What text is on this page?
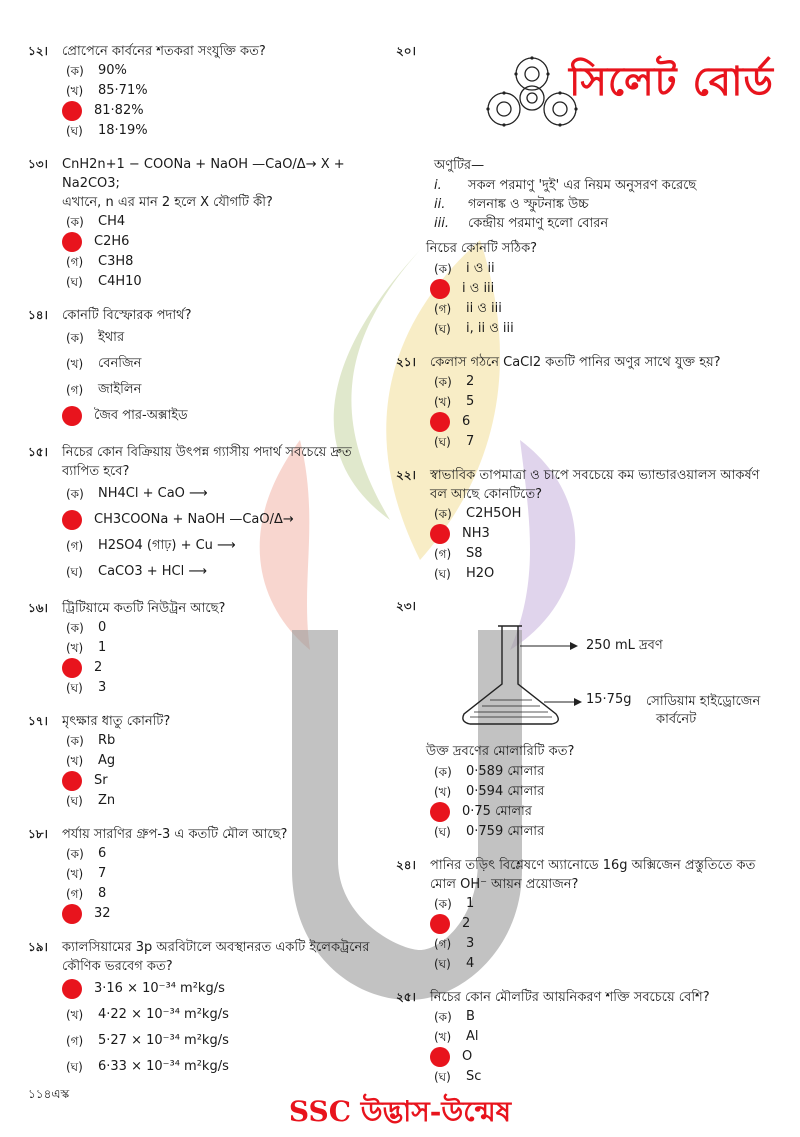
সিলেট বোর্ড
১২।	প্রোপেনে কার্বনের শতকরা সংযুক্তি কত?
(ক)	90%
(খ)	85·71%
81·82%
(ঘ)	18·19%
১৩।	CnH2n+1 − COONa + NaOH —CaO/Δ→ X + Na2CO3;
এখানে, n এর মান 2 হলে X যৌগটি কী?
(ক)	CH4
C2H6
(গ)	C3H8
(ঘ)	C4H10
১৪।	কোনটি বিস্ফোরক পদার্থ?
(ক)	ইথার
(খ)	বেনজিন
(গ)	জাইলিন
জৈব পার-অক্সাইড
১৫।	নিচের কোন বিক্রিয়ায় উৎপন্ন গ্যাসীয় পদার্থ সবচেয়ে দ্রুত ব্যাপিত হবে?
(ক)	NH4Cl + CaO ⟶
CH3COONa + NaOH —CaO/Δ→
(গ)	H2SO4 (গাঢ়) + Cu ⟶
(ঘ)	CaCO3 + HCl ⟶
১৬।	ট্রিটিয়ামে কতটি নিউট্রন আছে?
(ক)	0
(খ)	1
2
(ঘ)	3
১৭।	মৃৎক্ষার ধাতু কোনটি?
(ক)	Rb
(খ)	Ag
Sr
(ঘ)	Zn
১৮।	পর্যায় সারণির গ্রুপ-3 এ কতটি মৌল আছে?
(ক)	6
(খ)	7
(গ)	8
32
১৯।	ক্যালসিয়ামের 3p অরবিটালে অবস্থানরত একটি ইলেকট্রনের কৌণিক ভরবেগ কত?
3·16 × 10⁻³⁴ m²kg/s
(খ)	4·22 × 10⁻³⁴ m²kg/s
(গ)	5·27 × 10⁻³⁴ m²kg/s
(ঘ)	6·33 × 10⁻³⁴ m²kg/s
২০।
অণুটির—
i.	সকল পরমাণু 'দুই' এর নিয়ম অনুসরণ করেছে
ii.	গলনাঙ্ক ও স্ফুটনাঙ্ক উচ্চ
iii.	কেন্দ্রীয় পরমাণু হলো বোরন
নিচের কোনটি সঠিক?
(ক)	i ও ii
i ও iii
(গ)	ii ও iii
(ঘ)	i, ii ও iii
২১।	কেলাস গঠনে CaCl2 কতটি পানির অণুর সাথে যুক্ত হয়?
(ক)	2
(খ)	5
6
(ঘ)	7
২২।	স্বাভাবিক তাপমাত্রা ও চাপে সবচেয়ে কম ভ্যান্ডারওয়ালস আকর্ষণ বল আছে কোনটিতে?
(ক)	C2H5OH
NH3
(গ)	S8
(ঘ)	H2O
২৩।
250 mL দ্রবণ
15·75g সোডিয়াম হাইড্রোজেন
কার্বনেট
উক্ত দ্রবণের মোলারিটি কত?
(ক)	0·589 মোলার
(খ)	0·594 মোলার
0·75 মোলার
(ঘ)	0·759 মোলার
২৪।	পানির তড়িৎ বিশ্লেষণে অ্যানোডে 16g অক্সিজেন প্রস্তুতিতে কত মোল OH⁻ আয়ন প্রয়োজন?
(ক)	1
2
(গ)	3
(ঘ)	4
২৫।	নিচের কোন মৌলটির আয়নিকরণ শক্তি সবচেয়ে বেশি?
(ক)	B
(খ)	Al
O
(ঘ)	Sc
১১৪এস্ক
SSC উদ্ভাস-উন্মেষ
